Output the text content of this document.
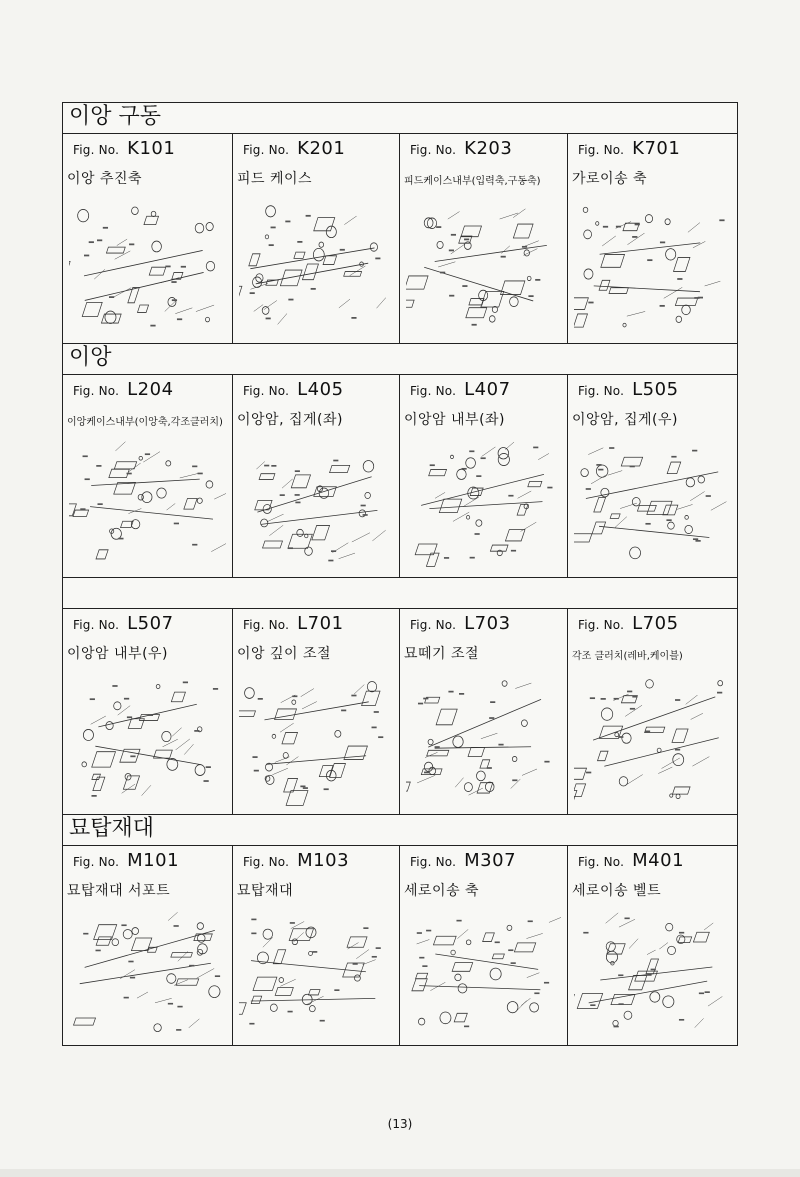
이앙 구동
Fig. No. K101
이앙 추진축
Fig. No. K201
피드 케이스
Fig. No. K203
피드케이스내부(입력축,구동축)
Fig. No. K701
가로이송 축
이앙
Fig. No. L204
이앙케이스내부(이앙축,각조클러치)
Fig. No. L405
이앙암, 집게(좌)
Fig. No. L407
이앙암 내부(좌)
Fig. No. L505
이앙암, 집게(우)
Fig. No. L507
이앙암 내부(우)
Fig. No. L701
이앙 깊이 조절
Fig. No. L703
묘떼기 조절
Fig. No. L705
각조 클러치(레바,케이블)
묘탑재대
Fig. No. M101
묘탑재대 서포트
Fig. No. M103
묘탑재대
Fig. No. M307
세로이송 축
Fig. No. M401
세로이송 벨트
(13)
